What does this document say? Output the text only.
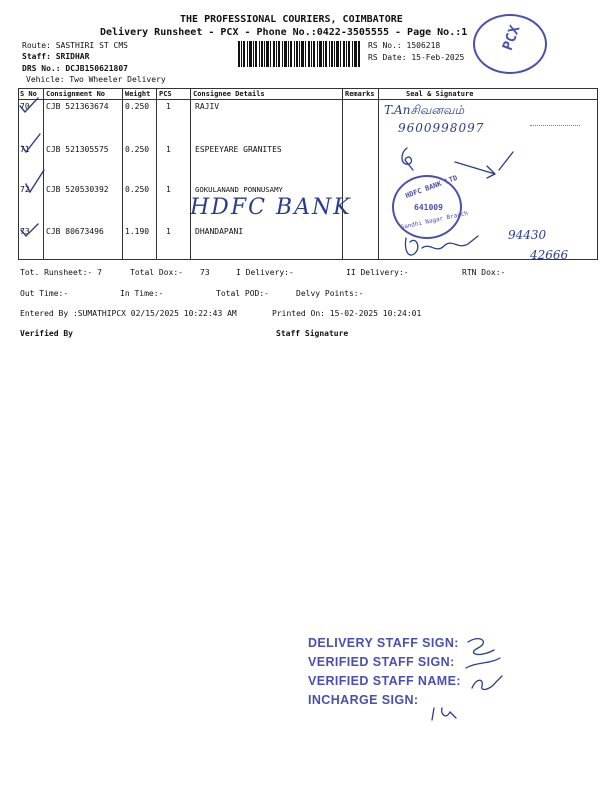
THE PROFESSIONAL COURIERS, COIMBATORE
Delivery Runsheet - PCX - Phone No.:0422-3505555 - Page No.:1 PCX
Route: SASTHIRI ST CMS
Staff: SRIDHAR
DRS No.: DCJB150621807
Vehicle: Two Wheeler Delivery
RS No.: 1506218
RS Date: 15-Feb-2025
S No Consignment No	Weight PCS	Consignee Details	Remarks	Seal & Signature
70 CJB 521363674 0.250 1	RAJIV
71 CJB 521305575 0.250 1	ESPEEYARE GRANITES
72 CJB 520530392 0.250 1	GOKULANAND PONNUSAMY
73 CJB 80673496	1.190 1	DHANDAPANI
T.Anசிவனவம்
9600998097
HDFC BANK
HDFC BANK LTD
641009
Gandhi Nagar Branch
94430
42666
Tot. Runsheet:- 7	Total Dox:- 73	I Delivery:-	II Delivery:-	RTN Dox:-
Out Time:-	In Time:-	Total POD:-	Delvy Points:-
Entered By :SUMATHIPCX 02/15/2025 10:22:43 AM	Printed On: 15-02-2025 10:24:01
Verified By	Staff Signature
DELIVERY STAFF SIGN:
VERIFIED STAFF SIGN:
VERIFIED STAFF NAME:
INCHARGE SIGN:
